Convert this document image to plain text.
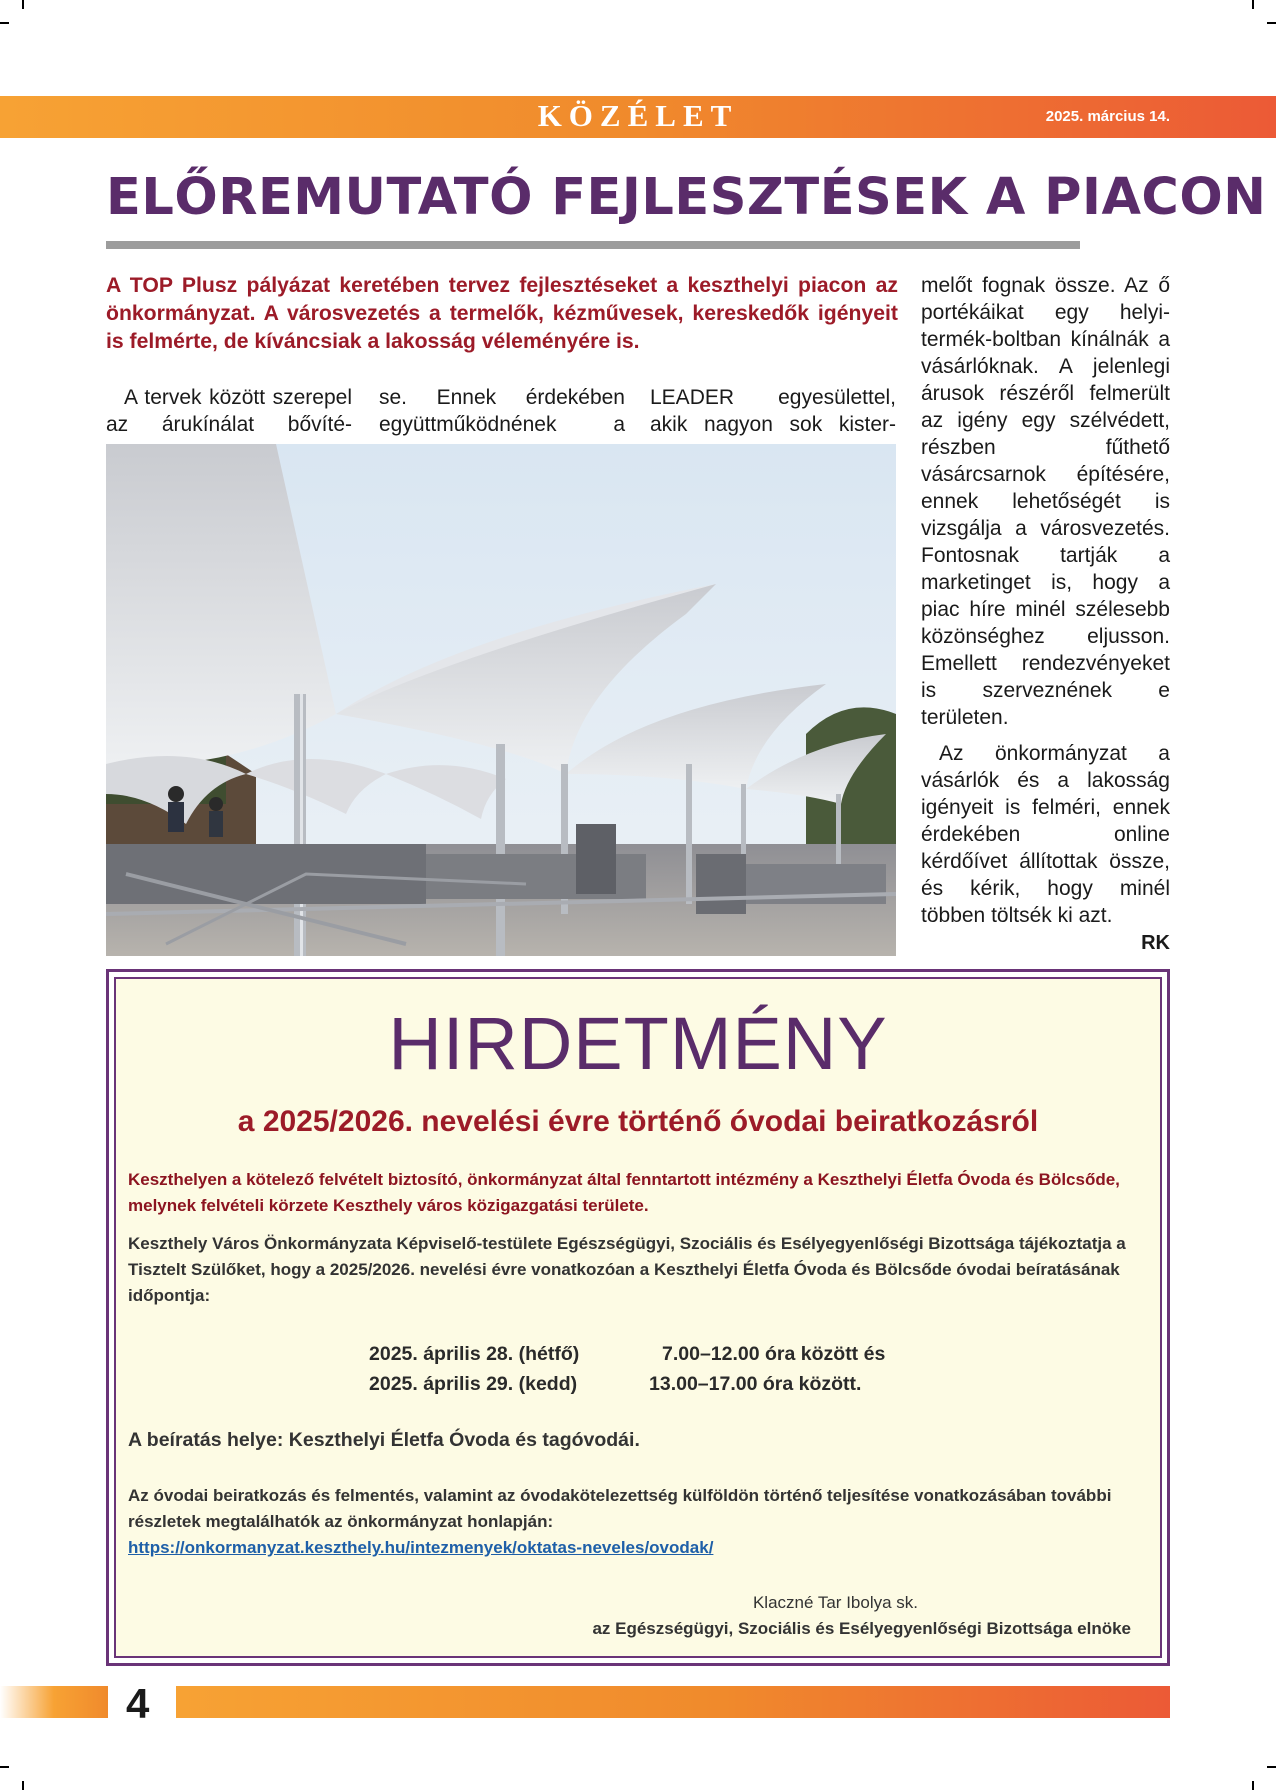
KÖZÉLET	2025. március 14.
ELŐREMUTATÓ FEJLESZTÉSEK A PIACON

A TOP Plusz pályázat keretében tervez fejlesztéseket a keszthelyi piacon az önkormányzat. A városvezetés a termelők, kézművesek, kereskedők igényeit is felmérte, de kíváncsiak a lakosság véleményére is.

A tervek között szerepel az árukínálat bővíté-

se. Ennek érdekében együttműködnének a

LEADER egyesülettel, akik nagyon sok kister-

melőt fognak össze. Az ő portékáikat egy helyi-termék-boltban kínálnák a vásárlóknak. A jelenlegi árusok részéről felmerült az igény egy szélvédett, részben fűthető vásárcsarnok építésére, ennek lehetőségét is vizsgálja a városvezetés. Fontosnak tartják a marketinget is, hogy a piac híre minél szélesebb közönséghez eljusson. Emellett rendezvényeket is szerveznének e területen.

Az önkormányzat a vásárlók és a lakosság igényeit is felméri, ennek érdekében online kérdőívet állítottak össze, és kérik, hogy minél többen töltsék ki azt.

RK
HIRDETMÉNY
a 2025/2026. nevelési évre történő óvodai beiratkozásról

Keszthelyen a kötelező felvételt biztosító, önkormányzat által fenntartott intézmény a Keszthelyi Életfa Óvoda és Bölcsőde, melynek felvételi körzete Keszthely város közigazgatási területe.

Keszthely Város Önkormányzata Képviselő-testülete Egészségügyi, Szociális és Esélyegyenlőségi Bizottsága tájékoztatja a Tisztelt Szülőket, hogy a 2025/2026. nevelési évre vonatkozóan a Keszthelyi Életfa Óvoda és Bölcsőde óvodai beíratásának időpontja:

2025. április 28. (hétfő)	7.00–12.00 óra között és
2025. április 29. (kedd)	13.00–17.00 óra között.

A beíratás helye: Keszthelyi Életfa Óvoda és tagóvodái.

Az óvodai beiratkozás és felmentés, valamint az óvodakötelezettség külföldön történő teljesítése vonatkozásában további részletek megtalálhatók az önkormányzat honlapján:

https://onkormanyzat.keszthely.hu/intezmenyek/oktatas-neveles/ovodak/
Klaczné Tar Ibolya sk.
az Egészségügyi, Szociális és Esélyegyenlőségi Bizottsága elnöke
4
